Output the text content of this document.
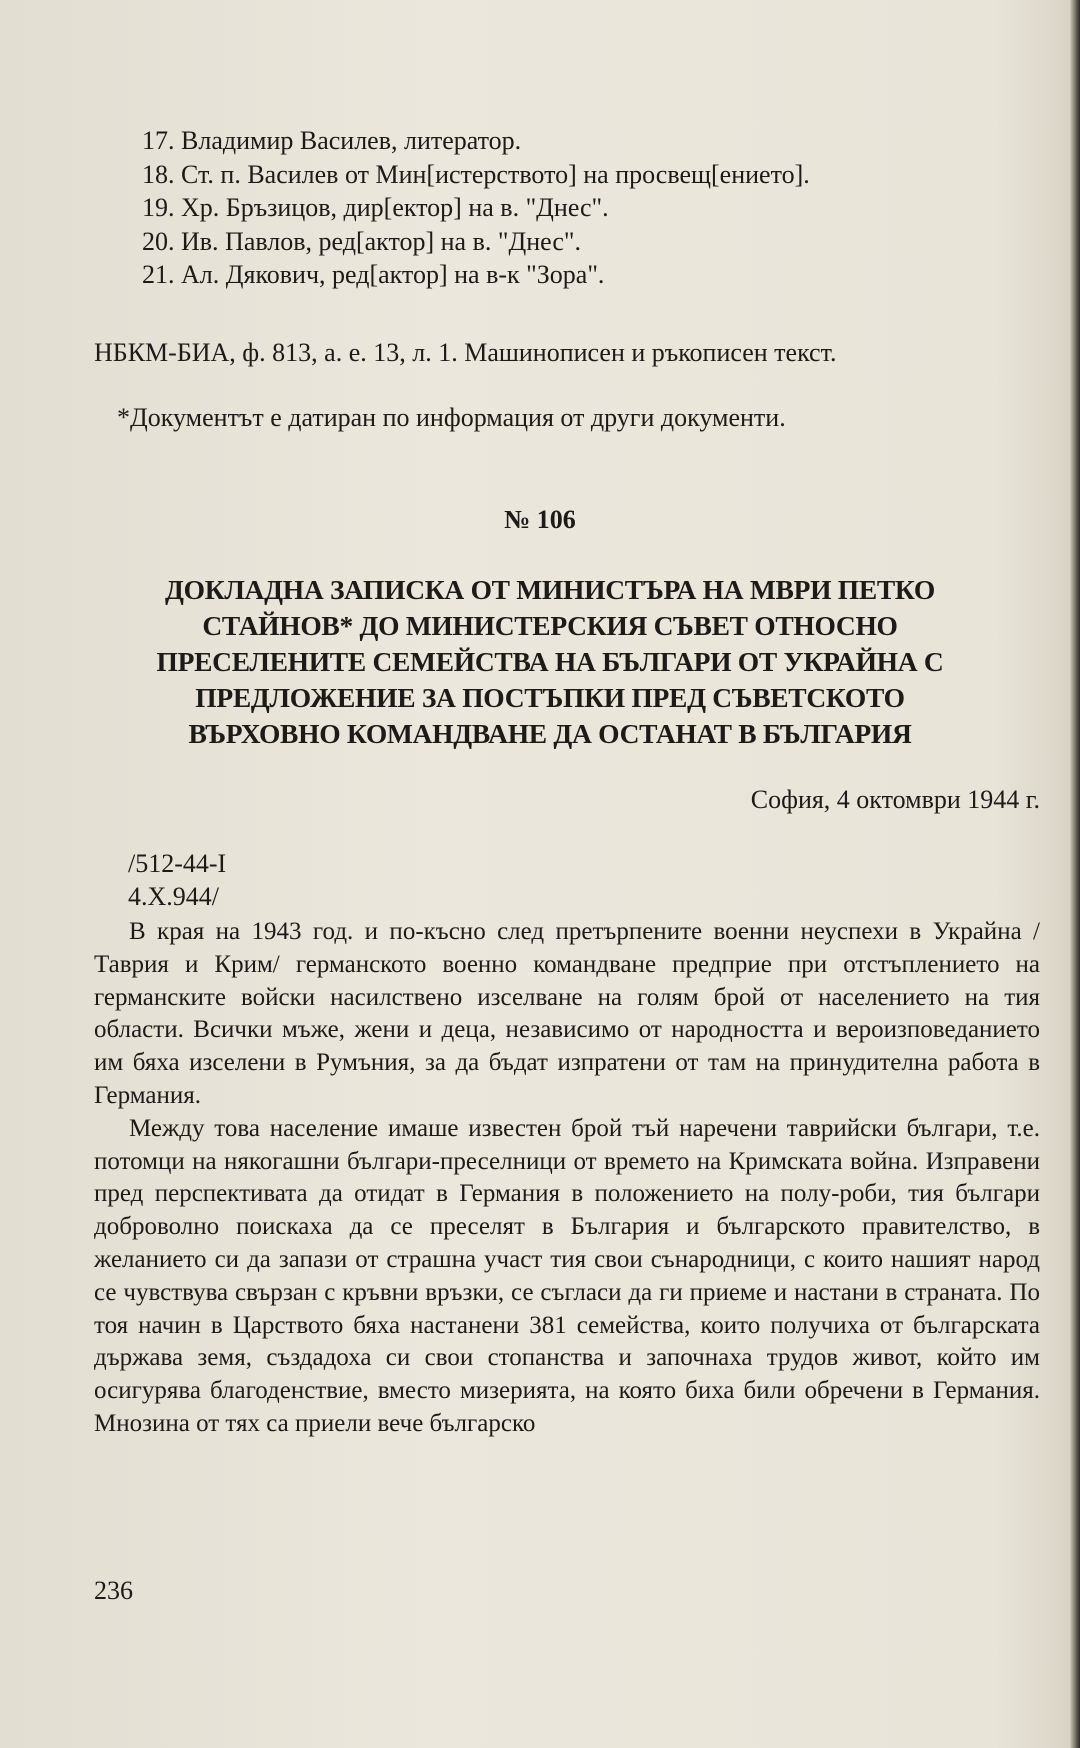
17. Владимир Василев, литератор.
18. Ст. п. Василев от Мин[истерството] на просвещ[ението].
19. Хр. Бръзицов, дир[ектор] на в. "Днес".
20. Ив. Павлов, ред[актор] на в. "Днес".
21. Ал. Дякович, ред[актор] на в-к "Зора".
НБКМ-БИА, ф. 813, а. е. 13, л. 1. Машинописен и ръкописен текст.
*Документът е датиран по информация от други документи.
№ 106
ДОКЛАДНА ЗАПИСКА ОТ МИНИСТЪРА НА МВРИ ПЕТКО
СТАЙНОВ* ДО МИНИСТЕРСКИЯ СЪВЕТ ОТНОСНО
ПРЕСЕЛЕНИТЕ СЕМЕЙСТВА НА БЪЛГАРИ ОТ УКРАЙНА С
ПРЕДЛОЖЕНИЕ ЗА ПОСТЪПКИ ПРЕД СЪВЕТСКОТО
ВЪРХОВНО КОМАНДВАНЕ ДА ОСТАНАТ В БЪЛГАРИЯ
София, 4 октомври 1944 г.
/512-44-I
4.X.944/

В края на 1943 год. и по-късно след претърпените военни неуспехи в Украйна /Таврия и Крим/ германското военно командване предприе при отстъплението на германските войски насилствено изселване на голям брой от населението на тия области. Всички мъже, жени и деца, независимо от народността и вероизповеданието им бяха изселени в Румъния, за да бъдат изпратени от там на принудителна работа в Германия.

Между това население имаше известен брой тъй наречени таврийски българи, т.е. потомци на някогашни българи-преселници от времето на Кримската война. Изправени пред перспективата да отидат в Германия в положението на полу-роби, тия българи доброволно поискаха да се преселят в България и българското правителство, в желанието си да запази от страшна участ тия свои сънародници, с които нашият народ се чувствува свързан с кръвни връзки, се съгласи да ги приеме и настани в страната. По тоя начин в Царството бяха настанени 381 семейства, които получиха от българската държава земя, създадоха си свои стопанства и започнаха трудов живот, който им осигурява благоденствие, вместо мизерията, на която биха били обречени в Германия. Мнозина от тях са приели вече българско

236
